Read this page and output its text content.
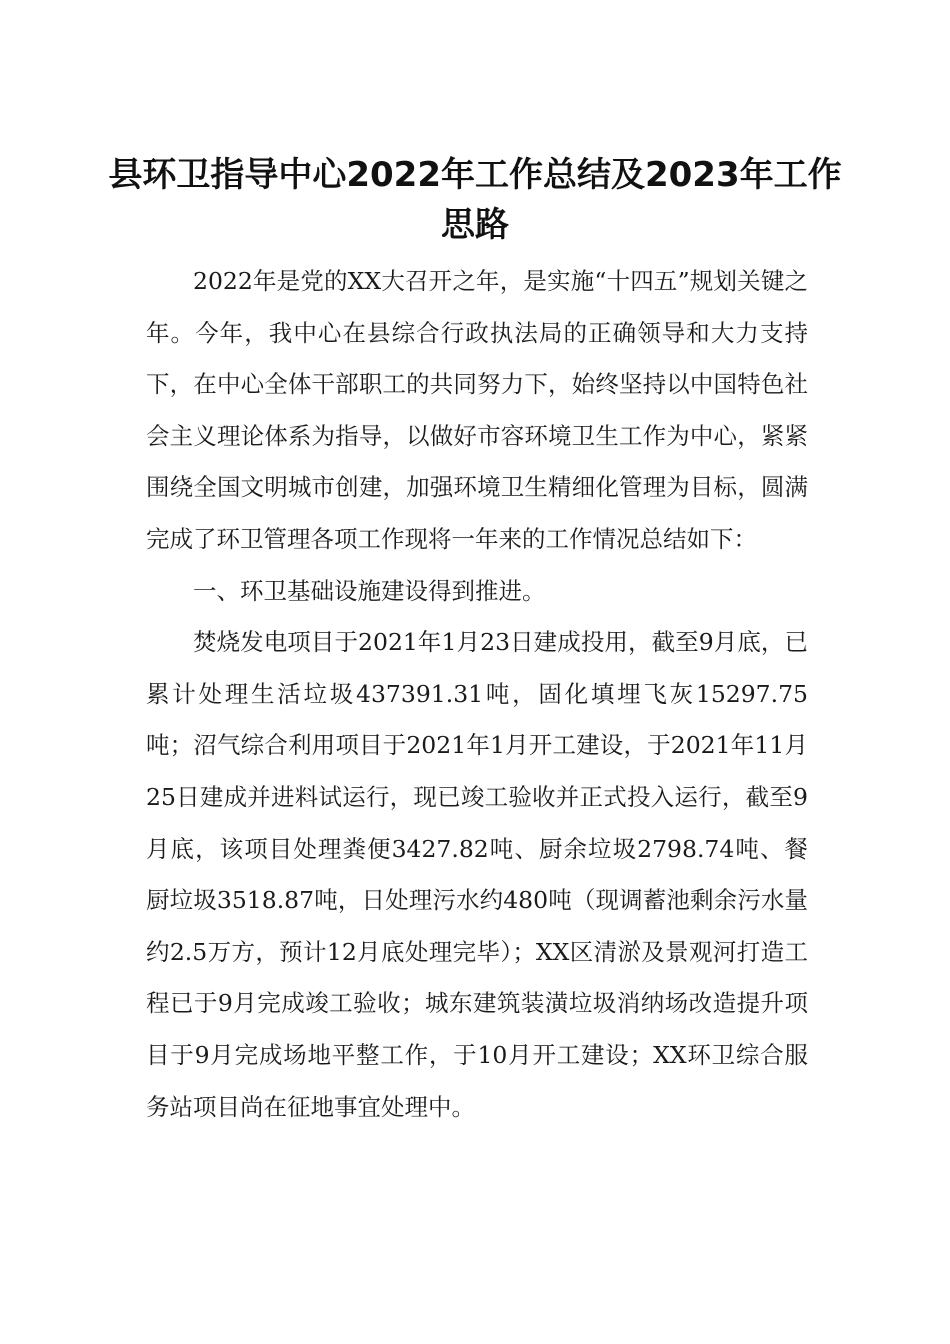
县环卫指导中心2022年工作总结及2023年工作思路

2022年是党的XX大召开之年，是实施“十四五”规划关键之年。今年，我中心在县综合行政执法局的正确领导和大力支持下，在中心全体干部职工的共同努力下，始终坚持以中国特色社会主义理论体系为指导，以做好市容环境卫生工作为中心，紧紧围绕全国文明城市创建，加强环境卫生精细化管理为目标，圆满完成了环卫管理各项工作现将一年来的工作情况总结如下：

一、环卫基础设施建设得到推进。

焚烧发电项目于2021年1月23日建成投用，截至9月底，已累计处理生活垃圾437391.31吨，固化填埋飞灰15297.75吨；沼气综合利用项目于2021年1月开工建设，于2021年11月25日建成并进料试运行，现已竣工验收并正式投入运行，截至9月底，该项目处理粪便3427.82吨、厨余垃圾2798.74吨、餐厨垃圾3518.87吨，日处理污水约480吨（现调蓄池剩余污水量约2.5万方，预计12月底处理完毕）；XX区清淤及景观河打造工程已于9月完成竣工验收；城东建筑装潢垃圾消纳场改造提升项目于9月完成场地平整工作，于10月开工建设；XX环卫综合服务站项目尚在征地事宜处理中。
